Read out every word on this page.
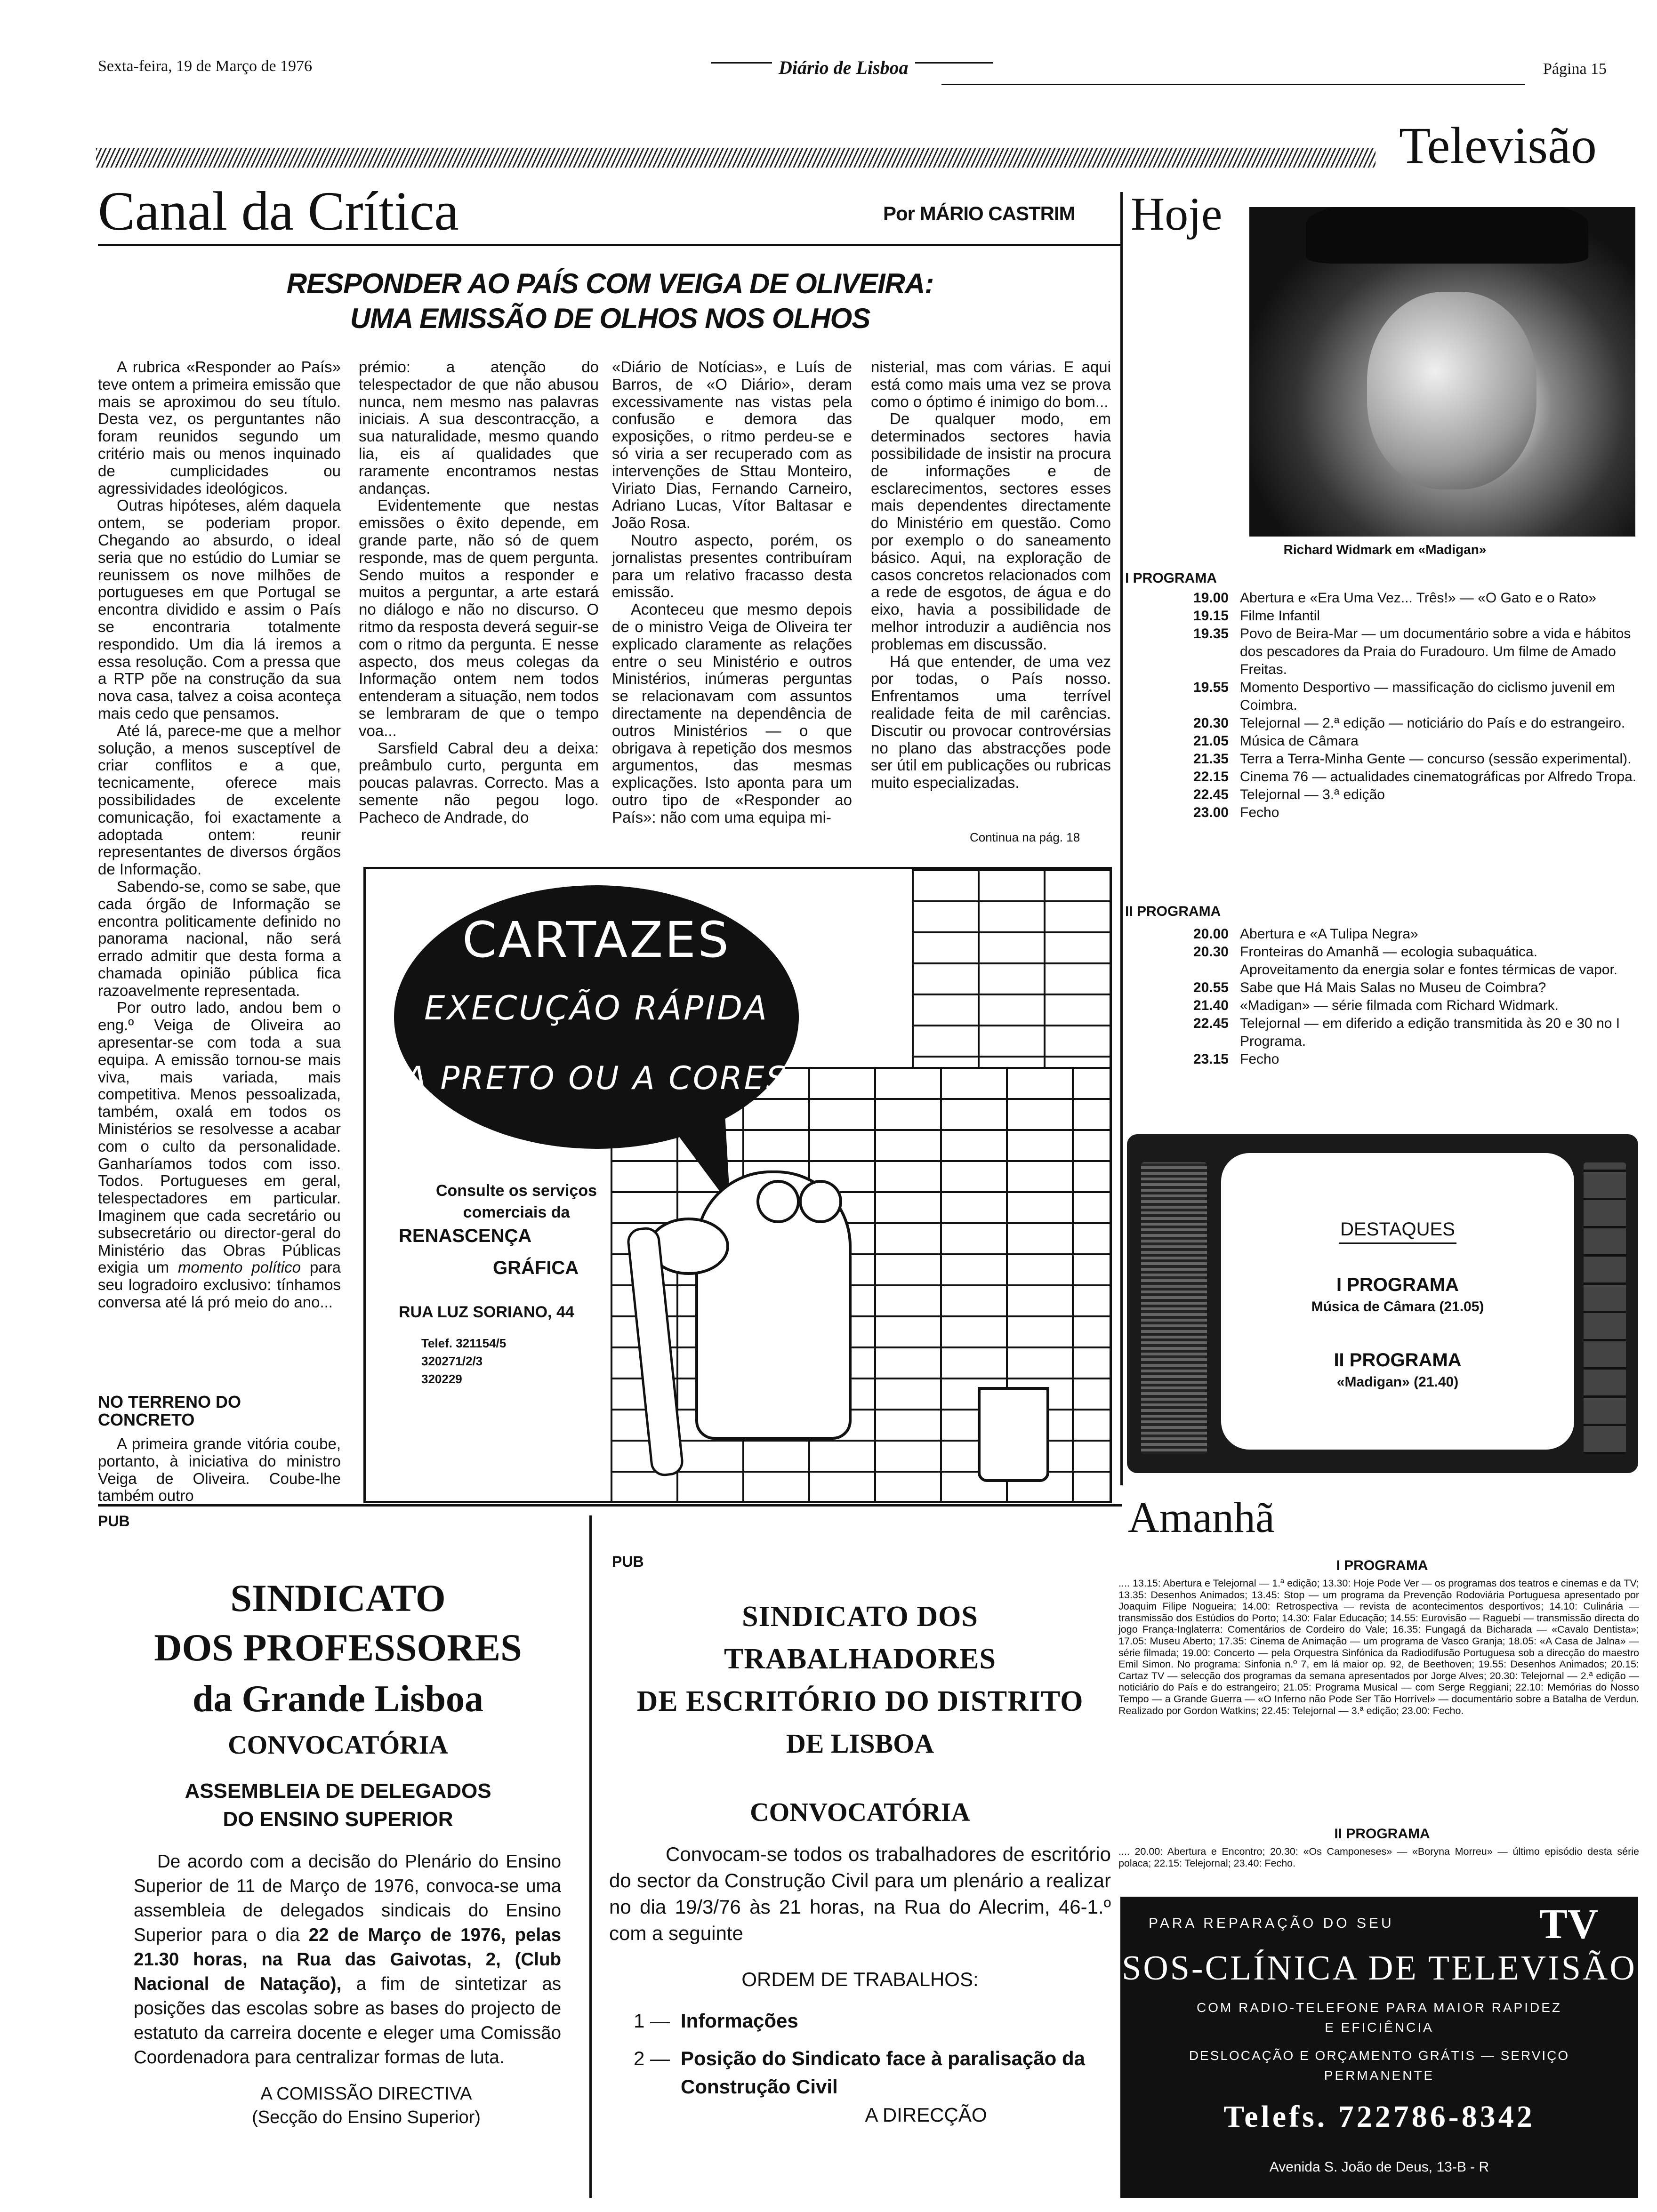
Sexta-feira, 19 de Março de 1976	Diário de Lisboa	Página 15
Televisão
Canal da Crítica	Por MÁRIO CASTRIM
RESPONDER AO PAÍS COM VEIGA DE OLIVEIRA:
UMA EMISSÃO DE OLHOS NOS OLHOS

A rubrica «Responder ao País» teve ontem a primeira emissão que mais se aproximou do seu título. Desta vez, os perguntantes não foram reunidos segundo um critério mais ou menos inquinado de cumplicidades ou agressividades ideológicos.

Outras hipóteses, além daquela ontem, se poderiam propor. Chegando ao absurdo, o ideal seria que no estúdio do Lumiar se reunissem os nove milhões de portugueses em que Portugal se encontra dividido e assim o País se encontraria totalmente respondido. Um dia lá iremos a essa resolução. Com a pressa que a RTP põe na construção da sua nova casa, talvez a coisa aconteça mais cedo que pensamos.

Até lá, parece-me que a melhor solução, a menos susceptível de criar conflitos e a que, tecnicamente, oferece mais possibilidades de excelente comunicação, foi exactamente a adoptada ontem: reunir representantes de diversos órgãos de Informação.

Sabendo-se, como se sabe, que cada órgão de Informação se encontra politicamente definido no panorama nacional, não será errado admitir que desta forma a chamada opinião pública fica razoavelmente representada.

Por outro lado, andou bem o eng.º Veiga de Oliveira ao apresentar-se com toda a sua equipa. A emissão tornou-se mais viva, mais variada, mais competitiva. Menos pessoalizada, também, oxalá em todos os Ministérios se resolvesse a acabar com o culto da personalidade. Ganharíamos todos com isso. Todos. Portugueses em geral, telespectadores em particular. Imaginem que cada secretário ou subsecretário ou director-geral do Ministério das Obras Públicas exigia um momento político para seu logradoiro exclusivo: tínhamos conversa até lá pró meio do ano...

NO TERRENO DO CONCRETO

A primeira grande vitória coube, portanto, à iniciativa do ministro Veiga de Oliveira. Coube-lhe também outro

prémio: a atenção do telespectador de que não abusou nunca, nem mesmo nas palavras iniciais. A sua descontracção, a sua naturalidade, mesmo quando lia, eis aí qualidades que raramente encontramos nestas andanças.

Evidentemente que nestas emissões o êxito depende, em grande parte, não só de quem responde, mas de quem pergunta. Sendo muitos a responder e muitos a perguntar, a arte estará no diálogo e não no discurso. O ritmo da resposta deverá seguir-se com o ritmo da pergunta. E nesse aspecto, dos meus colegas da Informação ontem nem todos entenderam a situação, nem todos se lembraram de que o tempo voa...

Sarsfield Cabral deu a deixa: preâmbulo curto, pergunta em poucas palavras. Correcto. Mas a semente não pegou logo. Pacheco de Andrade, do

«Diário de Notícias», e Luís de Barros, de «O Diário», deram excessivamente nas vistas pela confusão e demora das exposições, o ritmo perdeu-se e só viria a ser recuperado com as intervenções de Sttau Monteiro, Viriato Dias, Fernando Carneiro, Adriano Lucas, Vítor Baltasar e João Rosa.

Noutro aspecto, porém, os jornalistas presentes contribuíram para um relativo fracasso desta emissão.

Aconteceu que mesmo depois de o ministro Veiga de Oliveira ter explicado claramente as relações entre o seu Ministério e outros Ministérios, inúmeras perguntas se relacionavam com assuntos directamente na dependência de outros Ministérios — o que obrigava à repetição dos mesmos argumentos, das mesmas explicações. Isto aponta para um outro tipo de «Responder ao País»: não com uma equipa mi-

nisterial, mas com várias. E aqui está como mais uma vez se prova como o óptimo é inimigo do bom...

De qualquer modo, em determinados sectores havia possibilidade de insistir na procura de informações e de esclarecimentos, sectores esses mais dependentes directamente do Ministério em questão. Como por exemplo o do saneamento básico. Aqui, na exploração de casos concretos relacionados com a rede de esgotos, de água e do eixo, havia a possibilidade de melhor introduzir a audiência nos problemas em discussão.

Há que entender, de uma vez por todas, o País nosso. Enfrentamos uma terrível realidade feita de mil carências. Discutir ou provocar controvérsias no plano das abstracções pode ser útil em publicações ou rubricas muito especializadas.

Continua na pág. 18
CARTAZES
EXECUÇÃO RÁPIDA
A PRETO OU A CORES
Consulte os serviços
comerciais da
RENASCENÇA
GRÁFICA
RUA LUZ SORIANO, 44
Telef. 321154/5
320271/2/3
320229
Hoje
Richard Widmark em «Madigan»
I PROGRAMA
19.00 Abertura e «Era Uma Vez... Três!» — «O Gato e o Rato»
19.15 Filme Infantil
19.35 Povo de Beira-Mar — um documentário sobre a vida e hábitos dos pescadores da Praia do Furadouro. Um filme de Amado Freitas.
19.55 Momento Desportivo — massificação do ciclismo juvenil em Coimbra.
20.30 Telejornal — 2.ª edição — noticiário do País e do estrangeiro.
21.05 Música de Câmara
21.35 Terra a Terra-Minha Gente — concurso (sessão experimental).
22.15 Cinema 76 — actualidades cinematográficas por Alfredo Tropa.
22.45 Telejornal — 3.ª edição
23.00 Fecho
II PROGRAMA
20.00 Abertura e «A Tulipa Negra»
20.30 Fronteiras do Amanhã — ecologia subaquática. Aproveitamento da energia solar e fontes térmicas de vapor.
20.55 Sabe que Há Mais Salas no Museu de Coimbra?
21.40 «Madigan» — série filmada com Richard Widmark.
22.45 Telejornal — em diferido a edição transmitida às 20 e 30 no I Programa.
23.15 Fecho
DESTAQUES
I PROGRAMA
Música de Câmara (21.05)
II PROGRAMA
«Madigan» (21.40)
Amanhã
I PROGRAMA
.... 13.15: Abertura e Telejornal — 1.ª edição; 13.30: Hoje Pode Ver — os programas dos teatros e cinemas e da TV; 13.35: Desenhos Animados; 13.45: Stop — um programa da Prevenção Rodoviária Portuguesa apresentado por Joaquim Filipe Nogueira; 14.00: Retrospectiva — revista de acontecimentos desportivos; 14.10: Culinária — transmissão dos Estúdios do Porto; 14.30: Falar Educação; 14.55: Eurovisão — Raguebi — transmissão directa do jogo França-Inglaterra: Comentários de Cordeiro do Vale; 16.35: Fungagá da Bicharada — «Cavalo Dentista»; 17.05: Museu Aberto; 17.35: Cinema de Animação — um programa de Vasco Granja; 18.05: «A Casa de Jalna» — série filmada; 19.00: Concerto — pela Orquestra Sinfónica da Radiodifusão Portuguesa sob a direcção do maestro Emil Simon. No programa: Sinfonia n.º 7, em lá maior op. 92, de Beethoven; 19.55: Desenhos Animados; 20.15: Cartaz TV — selecção dos programas da semana apresentados por Jorge Alves; 20.30: Telejornal — 2.ª edição — noticiário do País e do estrangeiro; 21.05: Programa Musical — com Serge Reggiani; 22.10: Memórias do Nosso Tempo — a Grande Guerra — «O Inferno não Pode Ser Tão Horrível» — documentário sobre a Batalha de Verdun. Realizado por Gordon Watkins; 22.45: Telejornal — 3.ª edição; 23.00: Fecho.
II PROGRAMA
.... 20.00: Abertura e Encontro; 20.30: «Os Camponeses» — «Boryna Morreu» — último episódio desta série polaca; 22.15: Telejornal; 23.40: Fecho.
PARA REPARAÇÃO DO SEU	TV
SOS-CLÍNICA DE TELEVISÃO
COM RADIO-TELEFONE PARA MAIOR RAPIDEZ
E EFICIÊNCIA
DESLOCAÇÃO E ORÇAMENTO GRÁTIS — SERVIÇO
PERMANENTE
Telefs. 722786-8342
Avenida S. João de Deus, 13-B - R
PUB
SINDICATO
DOS PROFESSORES
da Grande Lisboa
CONVOCATÓRIA
ASSEMBLEIA DE DELEGADOS
DO ENSINO SUPERIOR
De acordo com a decisão do Plenário do Ensino Superior de 11 de Março de 1976, convoca-se uma assembleia de delegados sindicais do Ensino Superior para o dia 22 de Março de 1976, pelas 21.30 horas, na Rua das Gaivotas, 2, (Club Nacional de Natação), a fim de sintetizar as posições das escolas sobre as bases do projecto de estatuto da carreira docente e eleger uma Comissão Coordenadora para centralizar formas de luta.
A COMISSÃO DIRECTIVA
(Secção do Ensino Superior)
PUB
SINDICATO DOS TRABALHADORES
DE ESCRITÓRIO DO DISTRITO
DE LISBOA
CONVOCATÓRIA
Convocam-se todos os trabalhadores de escritório do sector da Construção Civil para um plenário a realizar no dia 19/3/76 às 21 horas, na Rua do Alecrim, 46-1.º com a seguinte
ORDEM DE TRABALHOS:
1 — Informações
2 — Posição do Sindicato face à paralisação da Construção Civil
A DIRECÇÃO
